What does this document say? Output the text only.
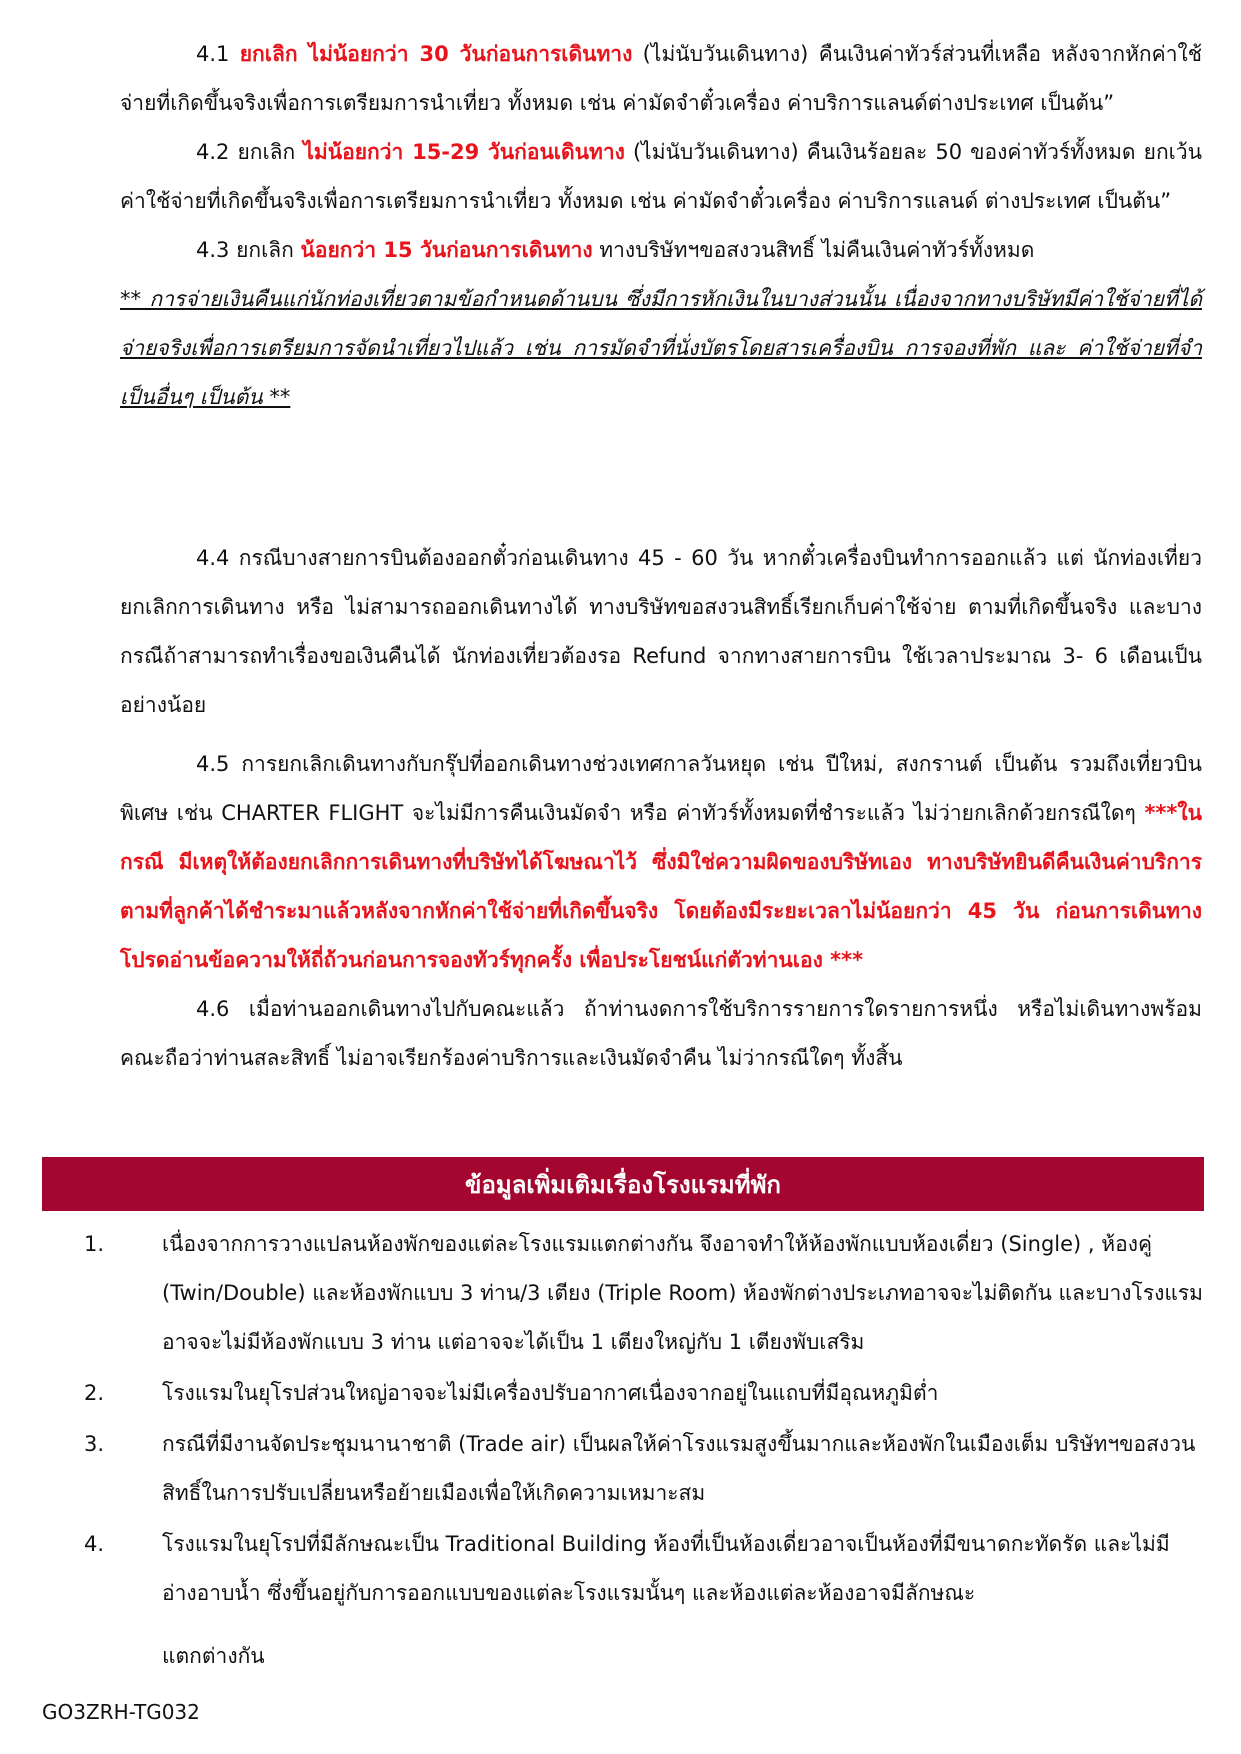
4.1 ยกเลิก ไม่น้อยกว่า 30 วันก่อนการเดินทาง (ไม่นับวันเดินทาง) คืนเงินค่าทัวร์ส่วนที่เหลือ หลังจากหักค่าใช้จ่ายที่เกิดขึ้นจริงเพื่อการเตรียมการนำเที่ยว ทั้งหมด เช่น ค่ามัดจำตั๋วเครื่อง ค่าบริการแลนด์ต่างประเทศ เป็นต้น”

4.2 ยกเลิก ไม่น้อยกว่า 15-29 วันก่อนเดินทาง (ไม่นับวันเดินทาง) คืนเงินร้อยละ 50 ของค่าทัวร์ทั้งหมด ยกเว้น ค่าใช้จ่ายที่เกิดขึ้นจริงเพื่อการเตรียมการนำเที่ยว ทั้งหมด เช่น ค่ามัดจำตั๋วเครื่อง ค่าบริการแลนด์ ต่างประเทศ เป็นต้น”

4.3 ยกเลิก น้อยกว่า 15 วันก่อนการเดินทาง ทางบริษัทฯขอสงวนสิทธิ์ ไม่คืนเงินค่าทัวร์ทั้งหมด

** การจ่ายเงินคืนแก่นักท่องเที่ยวตามข้อกำหนดด้านบน ซึ่งมีการหักเงินในบางส่วนนั้น เนื่องจากทางบริษัทมีค่าใช้จ่ายที่ได้จ่ายจริงเพื่อการเตรียมการจัดนำเที่ยวไปแล้ว เช่น การมัดจำที่นั่งบัตรโดยสารเครื่องบิน การจองที่พัก และ ค่าใช้จ่ายที่จำเป็นอื่นๆ เป็นต้น **

4.4 กรณีบางสายการบินต้องออกตั๋วก่อนเดินทาง 45 - 60 วัน หากตั๋วเครื่องบินทำการออกแล้ว แต่ นักท่องเที่ยวยกเลิกการเดินทาง หรือ ไม่สามารถออกเดินทางได้ ทางบริษัทขอสงวนสิทธิ์เรียกเก็บค่าใช้จ่าย ตามที่เกิดขึ้นจริง และบางกรณีถ้าสามารถทำเรื่องขอเงินคืนได้ นักท่องเที่ยวต้องรอ Refund จากทางสายการบิน ใช้เวลาประมาณ 3- 6 เดือนเป็นอย่างน้อย

4.5 การยกเลิกเดินทางกับกรุ๊ปที่ออกเดินทางช่วงเทศกาลวันหยุด เช่น ปีใหม่, สงกรานต์ เป็นต้น รวมถึงเที่ยวบินพิเศษ เช่น CHARTER FLIGHT จะไม่มีการคืนเงินมัดจำ หรือ ค่าทัวร์ทั้งหมดที่ชำระแล้ว ไม่ว่ายกเลิกด้วยกรณีใดๆ ***ในกรณี มีเหตุให้ต้องยกเลิกการเดินทางที่บริษัทได้โฆษณาไว้ ซึ่งมิใช่ความผิดของบริษัทเอง ทางบริษัทยินดีคืนเงินค่าบริการตามที่ลูกค้าได้ชำระมาแล้วหลังจากหักค่าใช้จ่ายที่เกิดขึ้นจริง โดยต้องมีระยะเวลาไม่น้อยกว่า 45 วัน ก่อนการเดินทาง โปรดอ่านข้อความให้ถี่ถ้วนก่อนการจองทัวร์ทุกครั้ง เพื่อประโยชน์แก่ตัวท่านเอง ***

4.6 เมื่อท่านออกเดินทางไปกับคณะแล้ว ถ้าท่านงดการใช้บริการรายการใดรายการหนึ่ง หรือไม่เดินทางพร้อมคณะถือว่าท่านสละสิทธิ์ ไม่อาจเรียกร้องค่าบริการและเงินมัดจำคืน ไม่ว่ากรณีใดๆ ทั้งสิ้น

ข้อมูลเพิ่มเติมเรื่องโรงแรมที่พัก
1.	เนื่องจากการวางแปลนห้องพักของแต่ละโรงแรมแตกต่างกัน จึงอาจทำให้ห้องพักแบบห้องเดี่ยว (Single) , ห้องคู่ (Twin/Double) และห้องพักแบบ 3 ท่าน/3 เตียง (Triple Room) ห้องพักต่างประเภทอาจจะไม่ติดกัน และบางโรงแรม อาจจะไม่มีห้องพักแบบ 3 ท่าน แต่อาจจะได้เป็น 1 เตียงใหญ่กับ 1 เตียงพับเสริม
2.	โรงแรมในยุโรปส่วนใหญ่อาจจะไม่มีเครื่องปรับอากาศเนื่องจากอยู่ในแถบที่มีอุณหภูมิต่ำ
3.	กรณีที่มีงานจัดประชุมนานาชาติ (Trade air) เป็นผลให้ค่าโรงแรมสูงขึ้นมากและห้องพักในเมืองเต็ม บริษัทฯขอสงวนสิทธิ์ในการปรับเปลี่ยนหรือย้ายเมืองเพื่อให้เกิดความเหมาะสม
4.	โรงแรมในยุโรปที่มีลักษณะเป็น Traditional Building ห้องที่เป็นห้องเดี่ยวอาจเป็นห้องที่มีขนาดกะทัดรัด และไม่มีอ่างอาบน้ำ ซึ่งขึ้นอยู่กับการออกแบบของแต่ละโรงแรมนั้นๆ และห้องแต่ละห้องอาจมีลักษณะ
แตกต่างกัน
GO3ZRH-TG032
